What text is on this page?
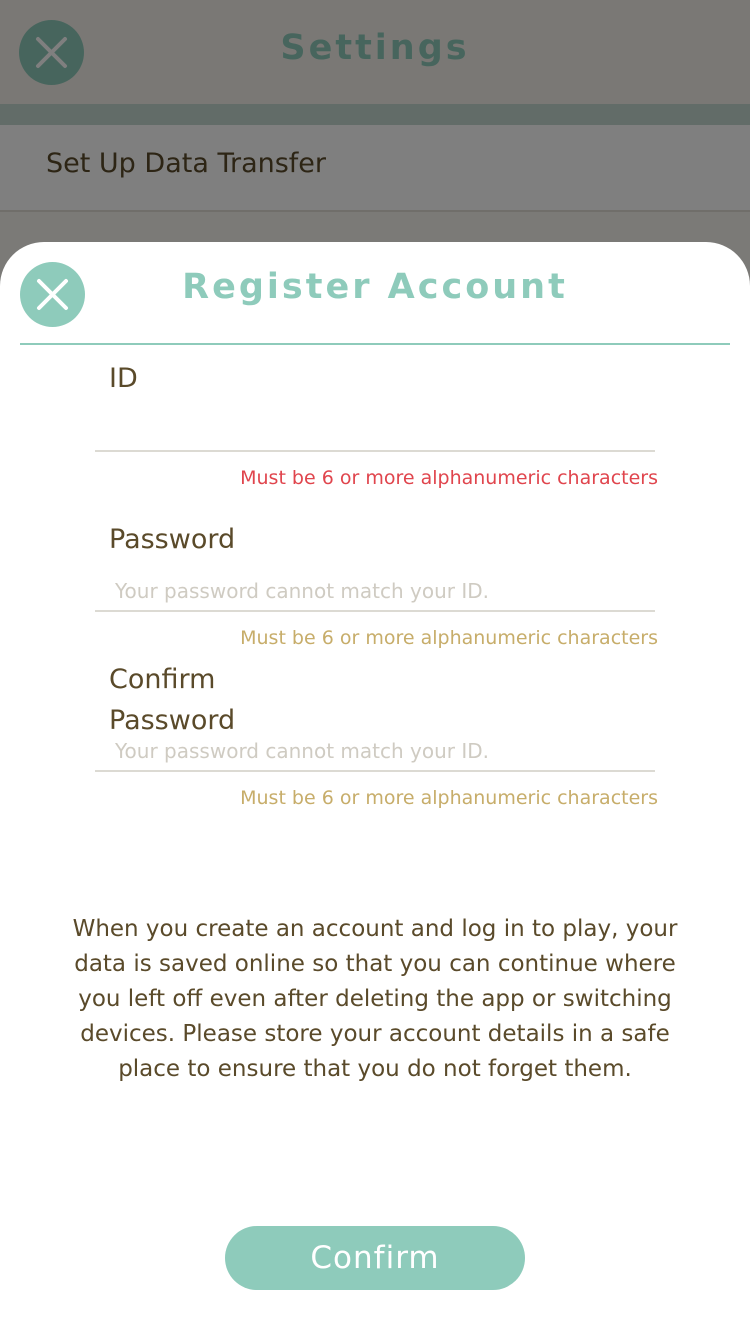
Register Account
ID
Must be 6 or more alphanumeric characters
Password
Must be 6 or more alphanumeric characters
Confirm Password
Must be 6 or more alphanumeric characters
When you create an account and log in to play, your data is saved online so that you can continue where you left off even after deleting the app or switching devices. Please store your account details in a safe place to ensure that you do not forget them.
Confirm
